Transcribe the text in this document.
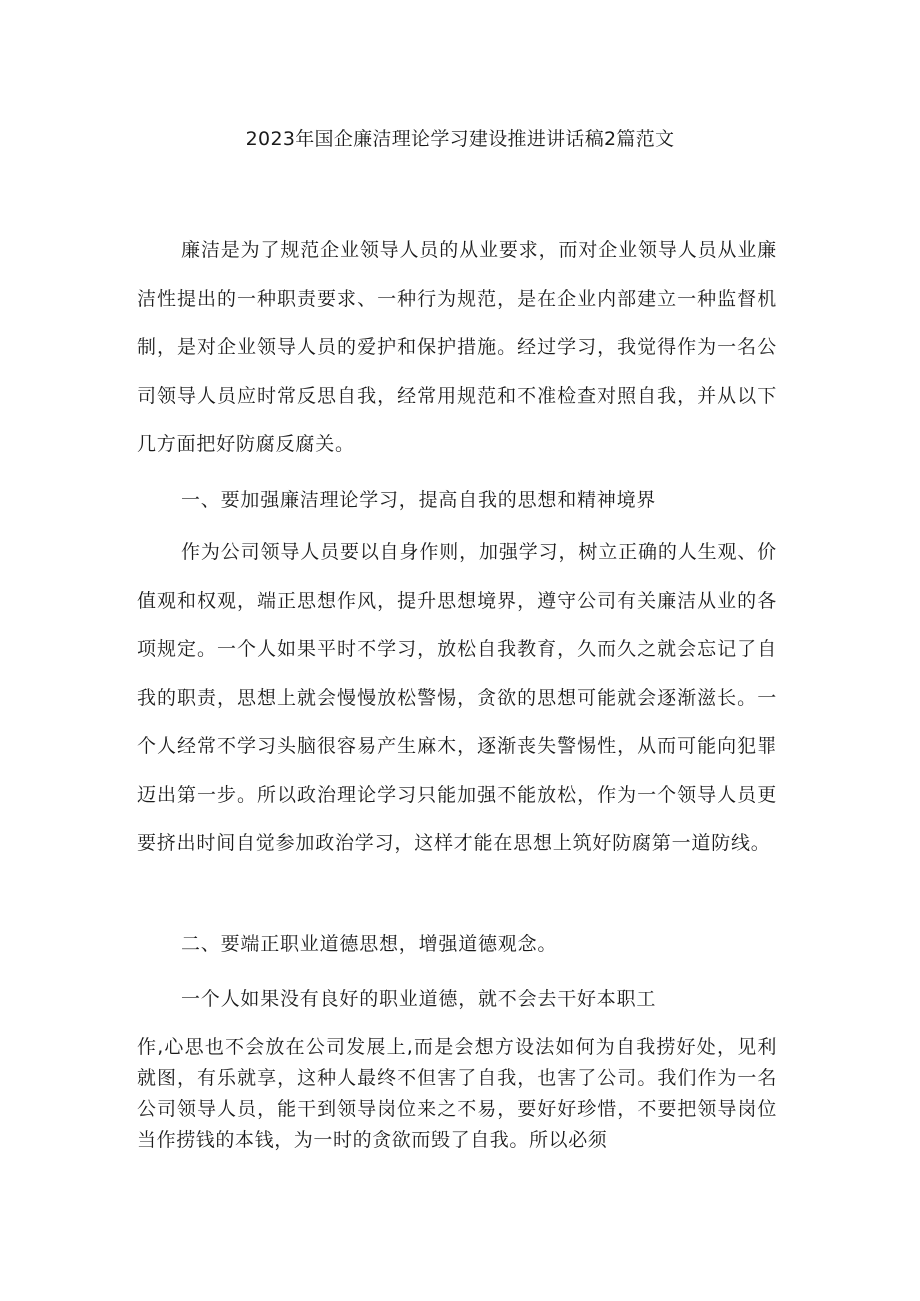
2023年国企廉洁理论学习建设推进讲话稿2篇范文

廉洁是为了规范企业领导人员的从业要求，而对企业领导人员从业廉洁性提出的一种职责要求、一种行为规范，是在企业内部建立一种监督机制，是对企业领导人员的爱护和保护措施。经过学习，我觉得作为一名公司领导人员应时常反思自我，经常用规范和不准检查对照自我，并从以下几方面把好防腐反腐关。

一、要加强廉洁理论学习，提高自我的思想和精神境界

作为公司领导人员要以自身作则，加强学习，树立正确的人生观、价值观和权观，端正思想作风，提升思想境界，遵守公司有关廉洁从业的各项规定。一个人如果平时不学习，放松自我教育，久而久之就会忘记了自我的职责，思想上就会慢慢放松警惕，贪欲的思想可能就会逐渐滋长。一个人经常不学习头脑很容易产生麻木，逐渐丧失警惕性，从而可能向犯罪迈出第一步。所以政治理论学习只能加强不能放松，作为一个领导人员更要挤出时间自觉参加政治学习，这样才能在思想上筑好防腐第一道防线。

二、要端正职业道德思想，增强道德观念。

一个人如果没有良好的职业道德，就不会去干好本职工

作,心思也不会放在公司发展上,而是会想方设法如何为自我捞好处，见利就图，有乐就享，这种人最终不但害了自我，也害了公司。我们作为一名公司领导人员，能干到领导岗位来之不易，要好好珍惜，不要把领导岗位当作捞钱的本钱，为一时的贪欲而毁了自我。所以必须
